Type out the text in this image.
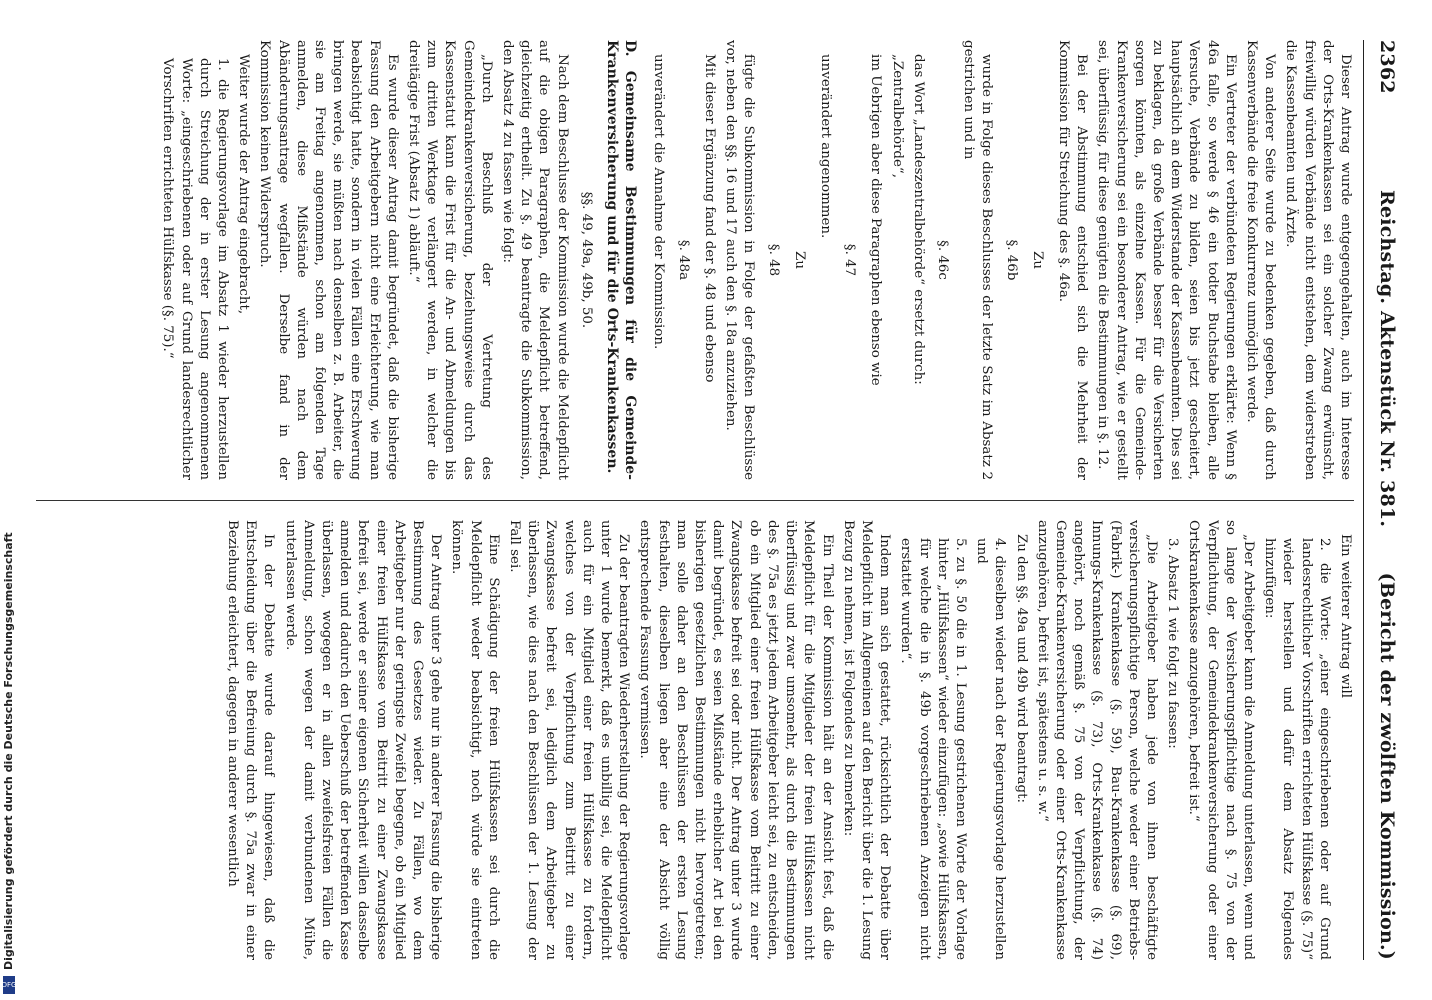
Digitalisierung gefördert durch die Deutsche Forschungsgemeinschaft
DFG
2362
Reichstag. Aktenstück Nr. 381.
(Bericht der zwölften Kommission.)

Dieser Antrag wurde entgegengehalten, auch im Interesse der Orts-Krankenkassen sei ein solcher Zwang erwünscht, freiwillig würden Verbände nicht entstehen, dem widerstreben die Kassenbeamten und Ärzte.

Von anderer Seite wurde zu bedenken gegeben, daß durch Kassenverbände die freie Konkurrenz unmöglich werde.

Ein Vertreter der verbündeten Regierungen erklärte: Wenn § 46a falle, so werde § 46 ein todter Buchstabe bleiben, alle Versuche, Verbände zu bilden, seien bis jetzt gescheitert, hauptsächlich an dem Widerstande der Kassenbeamten. Dies sei zu beklagen, da große Verbände besser für die Versicherten sorgen könnten, als einzelne Kassen. Für die Gemeinde-Krankenversicherung sei ein besonderer Antrag, wie er gestellt sei, überflüssig, für diese genügten die Bestimmungen in §. 12.

Bei der Abstimmung entschied sich die Mehrheit der Kommission für Streichung des §. 46a.

Zu

§. 46b

wurde in Folge dieses Beschlusses der letzte Satz im Absatz 2 gestrichen und in

§. 46c

das Wort „Landeszentralbehörde“ ersetzt durch:

„Zentralbehörde“,

im Uebrigen aber diese Paragraphen ebenso wie

§. 47

unverändert angenommen.

Zu

§. 48

fügte die Subkommission in Folge der gefaßten Beschlüsse vor, neben den §§. 16 und 17 auch den §. 18a anzuziehen.

Mit dieser Ergänzung fand der §. 48 und ebenso

§. 48a

unverändert die Annahme der Kommission.

D. Gemeinsame Bestimmungen für die Gemeinde-Krankenversicherung und für die Orts-Krankenkassen.

§§. 49, 49a, 49b, 50.

Nach dem Beschlusse der Kommission wurde die Meldepflicht auf die obigen Paragraphen, die Meldepflicht betreffend, gleichzeitig ertheilt. Zu §. 49 beantragte die Subkommission, den Absatz 4 zu fassen wie folgt:

„Durch Beschluß der Vertretung des Gemeindekrankenversicherung, beziehungsweise durch das Kassenstatut kann die Frist für die An- und Abmeldungen bis zum dritten Werktage verlängert werden, in welcher die dreitägige Frist (Absatz 1) abläuft.“

Es wurde dieser Antrag damit begründet, daß die bisherige Fassung den Arbeitgebern nicht eine Erleichterung, wie man beabsichtigt hatte, sondern in vielen Fällen eine Erschwerung bringen werde, sie müßten nach denselben z. B. Arbeiter, die sie am Freitag angenommen, schon am folgenden Tage anmelden, diese Mißstände würden nach dem Abänderungsantrage wegfallen. Derselbe fand in der Kommission keinen Widerspruch.

Weiter wurde der Antrag eingebracht,

1. die Regierungsvorlage im Absatz 1 wieder herzustellen durch Streichung der in erster Lesung angenommenen Worte: „eingeschriebenen oder auf Grund landesrechtlicher Vorschriften errichteten Hülfskasse (§. 75).“

Ein weiterer Antrag will

2. die Worte: „einer eingeschriebenen oder auf Grund landesrechtlicher Vorschriften errichteten Hülfskasse (§. 75)“ wieder herstellen und dafür dem Absatz Folgendes hinzufügen:

„Der Arbeitgeber kann die Anmeldung unterlassen, wenn und so lange der Versicherungspflichtige nach §. 75 von der Verpflichtung, der Gemeindekrankenversicherung oder einer Ortskrankenkasse anzugehören, befreit ist.“

3. Absatz 1 wie folgt zu fassen:

„Die Arbeitgeber haben jede von ihnen beschäftigte versicherungspflichtige Person, welche weder einer Betriebs- (Fabrik-) Krankenkasse (§. 59), Bau-Krankenkasse (§. 69), Innungs-Krankenkasse (§. 73), Orts-Krankenkasse (§. 74) angehört, noch gemäß §. 75 von der Verpflichtung, der Gemeinde-Krankenversicherung oder einer Orts-Krankenkasse anzugehören, befreit ist, spätestens u. s. w.“

Zu den §§. 49a und 49b wird beantragt:

4. dieselben wieder nach der Regierungsvorlage herzustellen und

5. zu §. 50 die in 1. Lesung gestrichenen Worte der Vorlage hinter „Hülfskassen“ wieder einzufügen: „sowie Hülfskassen, für welche die in §. 49b vorgeschriebenen Anzeigen nicht erstattet wurden“.

Indem man sich gestattet, rücksichtlich der Debatte über Meldepflicht im Allgemeinen auf den Bericht über die 1. Lesung Bezug zu nehmen, ist Folgendes zu bemerken:

Ein Theil der Kommission hält an der Ansicht fest, daß die Meldepflicht für die Mitglieder der freien Hülfskassen nicht überflüssig und zwar umsomehr, als durch die Bestimmungen des §. 75a es jetzt jedem Arbeitgeber leicht sei, zu entscheiden, ob ein Mitglied einer freien Hülfskasse vom Beitritt zu einer Zwangskasse befreit sei oder nicht. Der Antrag unter 3 wurde damit begründet, es seien Mißstände erheblicher Art bei den bisherigen gesetzlichen Bestimmungen nicht hervorgetreten; man solle daher an den Beschlüssen der ersten Lesung festhalten, dieselben liegen aber eine der Absicht völlig entsprechende Fassung vermissen.

Zu der beantragten Wiederherstellung der Regierungsvorlage unter 1 wurde bemerkt, daß es unbillig sei, die Meldepflicht auch für ein Mitglied einer freien Hülfskasse zu fordern, welches von der Verpflichtung zum Beitritt zu einer Zwangskasse befreit sei, lediglich dem Arbeitgeber zu überlassen, wie dies nach den Beschlüssen der 1. Lesung der Fall sei.

Eine Schädigung der freien Hülfskassen sei durch die Meldepflicht weder beabsichtigt, noch würde sie eintreten können.

Der Antrag unter 3 gehe nur in anderer Fassung die bisherige Bestimmung des Gesetzes wieder. Zu Fällen, wo dem Arbeitgeber nur der geringste Zweifel begegne, ob ein Mitglied einer freien Hülfskasse vom Beitritt zu einer Zwangskasse befreit sei, werde er seiner eigenen Sicherheit willen dasselbe anmelden und dadurch den Ueberschuß der betreffenden Kasse überlassen, wogegen er in allen zweifelsfreien Fällen die Anmeldung, schon wegen der damit verbundenen Mühe, unterlassen werde.

In der Debatte wurde darauf hingewiesen, daß die Entscheidung über die Befreiung durch §. 75a zwar in einer Beziehung erleichtert, dagegen in anderer wesentlich
